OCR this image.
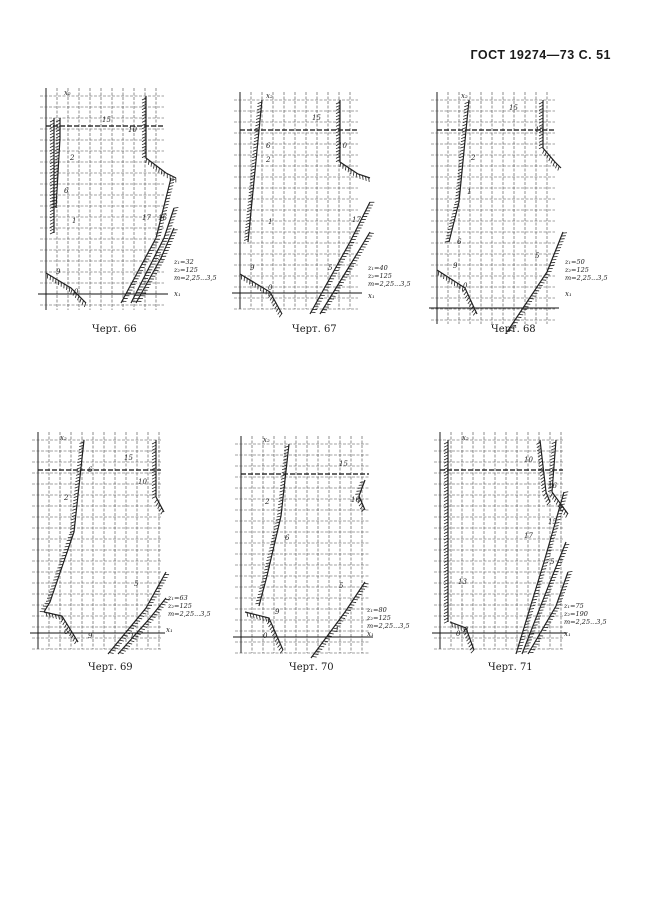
ГОСТ 19274—73 С. 51
x₂
x₁
z₁=32
z₂=125
m=2,25...3,5
15
10
2
6
1	17 16
5
9
0
Черт. 66
x₂
x₁
z₁=40
z₂=125
m=2,25...3,5
15
10
6
2
1	17
5
9
0
Черт. 67
x₂
x₁
z₁=50
z₂=125
m=2,25...3,5
15
10
2
1
6
5
9
0
Черт. 68
x₂
x₁
z₁=63
z₂=125
m=2,25...3,5
6
15
10
2
5
1
6	9
Черт. 69
x₂
x₁
z₁=80
z₂=125
m=2,25...3,5
15
10
2
6
1
5
9
0
1
Черт. 70
x₂
x₁
z₁=75
z₂=190
m=2,25...3,5
10
16
15
17
5
13
0 8
Черт. 71
